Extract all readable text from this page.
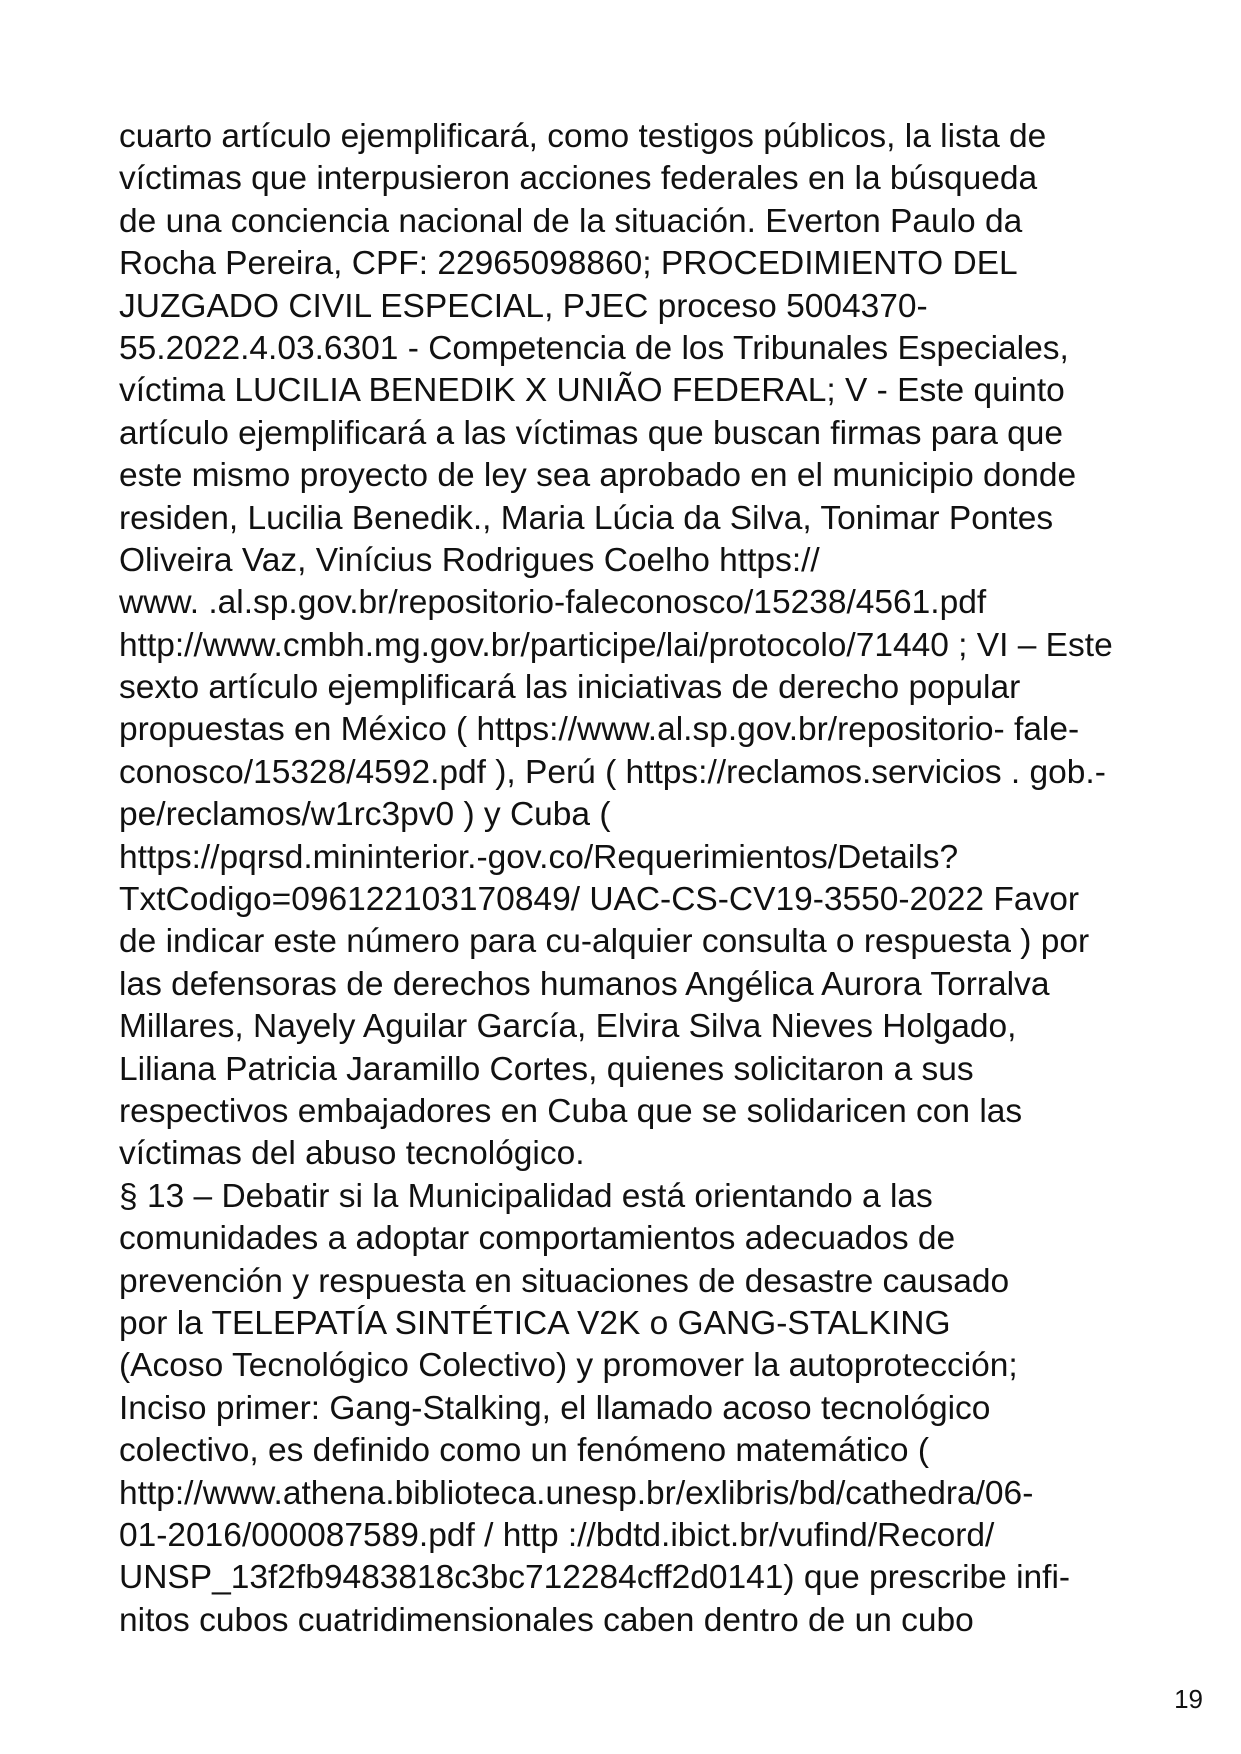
cuarto artículo ejemplificará, como testigos públicos, la lista de
víctimas que interpusieron acciones federales en la búsqueda
de una conciencia nacional de la situación. Everton Paulo da
Rocha Pereira, CPF: 22965098860; PROCEDIMIENTO DEL
JUZGADO CIVIL ESPECIAL, PJEC proceso 5004370-
55.2022.4.03.6301 - Competencia de los Tribunales Especiales,
víctima LUCILIA BENEDIK X UNIÃO FEDERAL; V - Este quinto
artículo ejemplificará a las víctimas que buscan firmas para que
este mismo proyecto de ley sea aprobado en el municipio donde
residen, Lucilia Benedik., Maria Lúcia da Silva, Tonimar Pontes
Oliveira Vaz, Vinícius Rodrigues Coelho https://
www. .al.sp.gov.br/repositorio-faleconosco/15238/4561.pdf
http://www.cmbh.mg.gov.br/participe/lai/protocolo/71440 ; VI – Este
sexto artículo ejemplificará las iniciativas de derecho popular
propuestas en México ( https://www.al.sp.gov.br/repositorio- fale-
conosco/15328/4592.pdf ), Perú ( https://reclamos.servicios . gob.-
pe/reclamos/w1rc3pv0 ) y Cuba (
https://pqrsd.mininterior.-gov.co/Requerimientos/Details?
TxtCodigo=096122103170849/ UAC-CS-CV19-3550-2022 Favor
de indicar este número para cu-alquier consulta o respuesta ) por
las defensoras de derechos humanos Angélica Aurora Torralva
Millares, Nayely Aguilar García, Elvira Silva Nieves Holgado,
Liliana Patricia Jaramillo Cortes, quienes solicitaron a sus
respectivos embajadores en Cuba que se solidaricen con las
víctimas del abuso tecnológico.
§ 13 – Debatir si la Municipalidad está orientando a las
comunidades a adoptar comportamientos adecuados de
prevención y respuesta en situaciones de desastre causado
por la TELEPATÍA SINTÉTICA V2K o GANG-STALKING
(Acoso Tecnológico Colectivo) y promover la autoprotección;
Inciso primer: Gang-Stalking, el llamado acoso tecnológico
colectivo, es definido como un fenómeno matemático (
http://www.athena.biblioteca.unesp.br/exlibris/bd/cathedra/06-
01-2016/000087589.pdf / http ://bdtd.ibict.br/vufind/Record/
UNSP_13f2fb9483818c3bc712284cff2d0141) que prescribe infi-
nitos cubos cuatridimensionales caben dentro de un cubo
19
